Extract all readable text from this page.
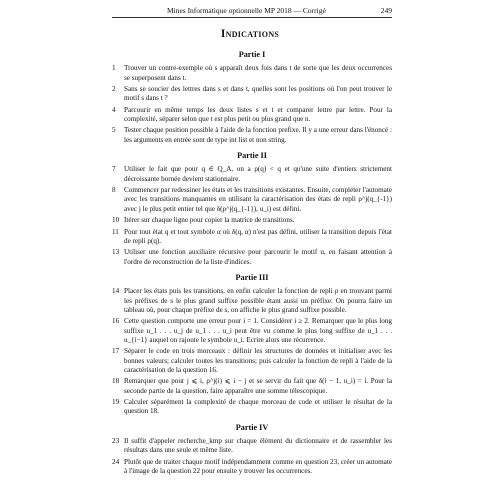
Mines Informatique optionnelle MP 2018 — Corrigé	249
Indications
Partie I
1	Trouver un contre-exemple où s apparaît deux fois dans t de sorte que les deux occurrences se superposent dans t.
2	Sans se soucier des lettres dans s et dans t, quelles sont les positions où l'on peut trouver le motif s dans t ?
4	Parcourir en même temps les deux listes s et t et comparer lettre par lettre. Pour la complexité, séparer selon que t est plus petit ou plus grand que n.
5	Tester chaque position possible à l'aide de la fonction prefixe. Il y a une erreur dans l'énoncé : les arguments en entrée sont de type int list et non string.
Partie II
7	Utiliser le fait que pour q ∈ Q_A, on a ρ(q) < q et qu'une suite d'entiers strictement décroissante bornée devient stationnaire.
8	Commencer par redessiner les états et les transitions existantes. Ensuite, compléter l'automate avec les transitions manquantes en utilisant la caractérisation des états de repli ρ^j(q_{-1}) avec j le plus petit entier tel que δ(ρ^j(q_{-1}), u_i) est défini.
10 Itérer sur chaque ligne pour copier la matrice de transitions.
11 Pour tout état q et tout symbole α où δ(q, α) n'est pas défini, utiliser la transition depuis l'état de repli ρ(q).
13 Utiliser une fonction auxiliaire récursive pour parcourir le motif u, en faisant attention à l'ordre de reconstruction de la liste d'indices.
Partie III
14 Placer les états puis les transitions, en enfin calculer la fonction de repli ρ en trouvant parmi les préfixes de s le plus grand suffixe possible étant aussi un préfixe. On pourra faire un tableau où, pour chaque préfixe de s, on affiche le plus grand suffixe possible.
16 Cette question comporte une erreur pour i = 1. Considérer i ≥ 2. Remarquer que le plus long suffixe u_1 . . . u_j de u_1 . . . u_i peut être vu comme le plus long suffixe de u_1 . . . u_{i−1} auquel on rajoute le symbole u_i. Ecrire alors une récurrence.
17 Séparer le code en trois morceaux : définir les structures de données et initialiser avec les bonnes valeurs; calculer toutes les transitions; puis calculer la fonction de repli à l'aide de la caractérisation de la question 16.
18 Remarquer que pour j ⩽ i, ρ^j(i) ⩽ i − j et se servir du fait que δ(i − 1, u_i) = i. Pour la seconde partie de la question, faire apparaître une somme télescopique.
19 Calculer séparément la complexité de chaque morceau de code et utiliser le résultat de la question 18.
Partie IV
23 Il suffit d'appeler recherche_kmp sur chaque élément du dictionnaire et de rassembler les résultats dans une seule et même liste.
24 Plutôt que de traiter chaque motif indépendamment comme en question 23, créer un automate à l'image de la question 22 pour ensuite y trouver les occurrences.
